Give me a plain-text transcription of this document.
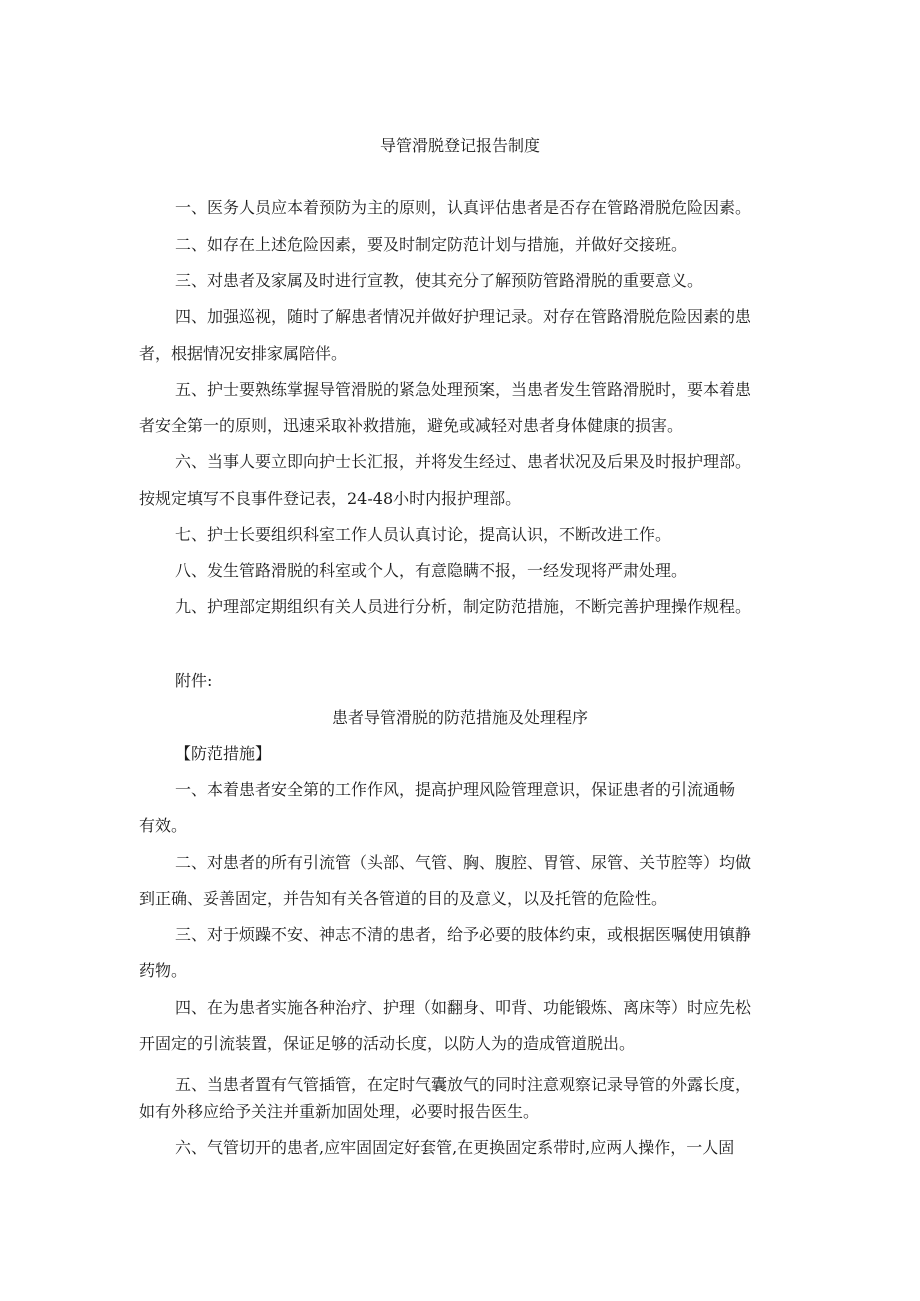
导管滑脱登记报告制度
一、医务人员应本着预防为主的原则，认真评估患者是否存在管路滑脱危险因素。
二、如存在上述危险因素，要及时制定防范计划与措施，并做好交接班。
三、对患者及家属及时进行宣教，使其充分了解预防管路滑脱的重要意义。
四、加强巡视，随时了解患者情况并做好护理记录。对存在管路滑脱危险因素的患
者，根据情况安排家属陪伴。
五、护士要熟练掌握导管滑脱的紧急处理预案，当患者发生管路滑脱时，要本着患
者安全第一的原则，迅速采取补救措施，避免或减轻对患者身体健康的损害。
六、当事人要立即向护士长汇报，并将发生经过、患者状况及后果及时报护理部。
按规定填写不良事件登记表，24-48小时内报护理部。
七、护士长要组织科室工作人员认真讨论，提高认识，不断改进工作。
八、发生管路滑脱的科室或个人，有意隐瞒不报，一经发现将严肃处理。
九、护理部定期组织有关人员进行分析，制定防范措施，不断完善护理操作规程。
附件:
患者导管滑脱的防范措施及处理程序
【防范措施】
一、本着患者安全第的工作作风，提高护理风险管理意识，保证患者的引流通畅
有效。
二、对患者的所有引流管（头部、气管、胸、腹腔、胃管、尿管、关节腔等）均做
到正确、妥善固定，并告知有关各管道的目的及意义，以及托管的危险性。
三、对于烦躁不安、神志不清的患者，给予必要的肢体约束，或根据医嘱使用镇静
药物。
四、在为患者实施各种治疗、护理（如翻身、叩背、功能锻炼、离床等）时应先松
开固定的引流装置，保证足够的活动长度，以防人为的造成管道脱出。
五、当患者置有气管插管，在定时气囊放气的同时注意观察记录导管的外露长度，
如有外移应给予关注并重新加固处理，必要时报告医生。
六、气管切开的患者,应牢固固定好套管,在更换固定系带时,应两人操作，一人固
